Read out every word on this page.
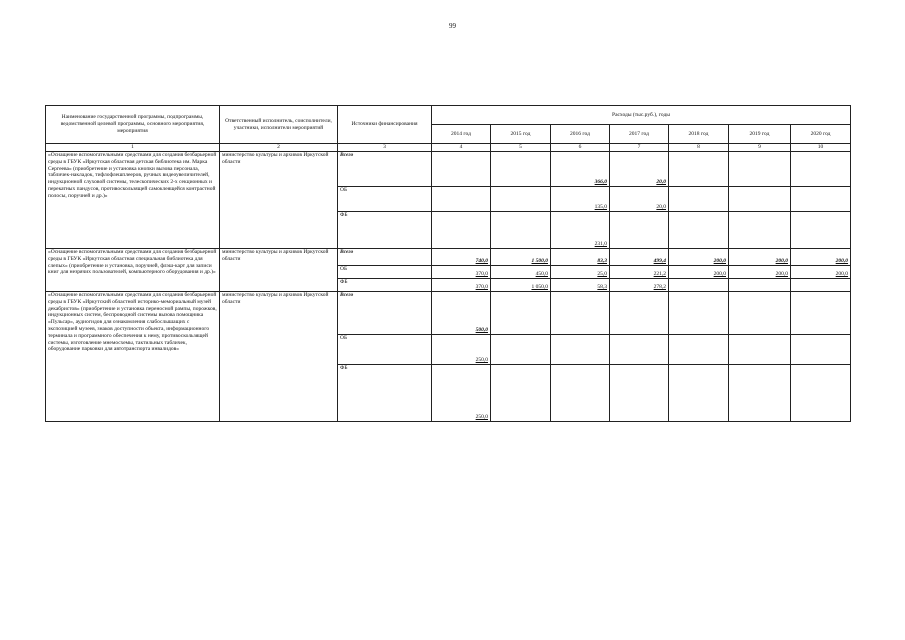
99
Наименование государственной программы, подпрограммы, ведомственной целевой программы, основного мероприятия, мероприятия	Ответственный исполнитель, соисполнители, участники, исполнители мероприятий	Источники финансирования	Расходы (тыс.руб.), годы						
			2014 год	2015 год	2016 год	2017 год	2018 год	2019 год	2020 год
1	2	3	4	5	6	7	8	9	10
«Оснащение вспомогательными средствами для создания безбарьерной среды в ГБУК «Иркутская областная детская библиотека им. Марка Сергеева» (приобретение и установка кнопки вызова персонала, табличек-накладок, тифлофлешплееров, ручных видеоувеличителей, индукционной слуховой системы, телескопических 2-х секционных и перекатных пандусов, противоскользящей самоклеящейся контрастной полосы, поручней и др.)»	министерство культуры и архивов Иркутской области	Всего			366,0	20,0			
		ОБ			135,0	20,0			
		ФБ			231,0				
«Оснащение вспомогательными средствами для создания безбарьерной среды в ГБУК «Иркутская областная специальная библиотека для слепых» (приобретение и установка, поручней, флэш-карт для записи книг для незрячих пользователей, компьютерного оборудования и др.)»	министерство культуры и архивов Иркутской области	Всего	740,0	1 500,0	83,3	499,4	200,0	200,0	200,0
		ОБ	370,0	450,0	25,0	221,2	200,0	200,0	200,0
		ФБ	370,0	1 050,0	58,3	278,2			
«Оснащение вспомогательными средствами для создания безбарьерной среды в ГБУК «Иркутский областной историко-мемориальный музей декабристов» (приобретение и установка переносной рампы, порожков, индукционных систем, беспроводной системы вызова помощника «Пульсар», аудиогидов для ознакомления слабослышащих с экспозицией музеев, знаков доступности объекта, информационного терминала и программного обеспечения к нему, противоскользящей системы, изготовление мнемосхемы, тактильных табличек, оборудование парковки для автотранспорта инвалидов»	министерство культуры и архивов Иркутской области	Всего	500,0						
		ОБ	250,0						
		ФБ	250,0						
